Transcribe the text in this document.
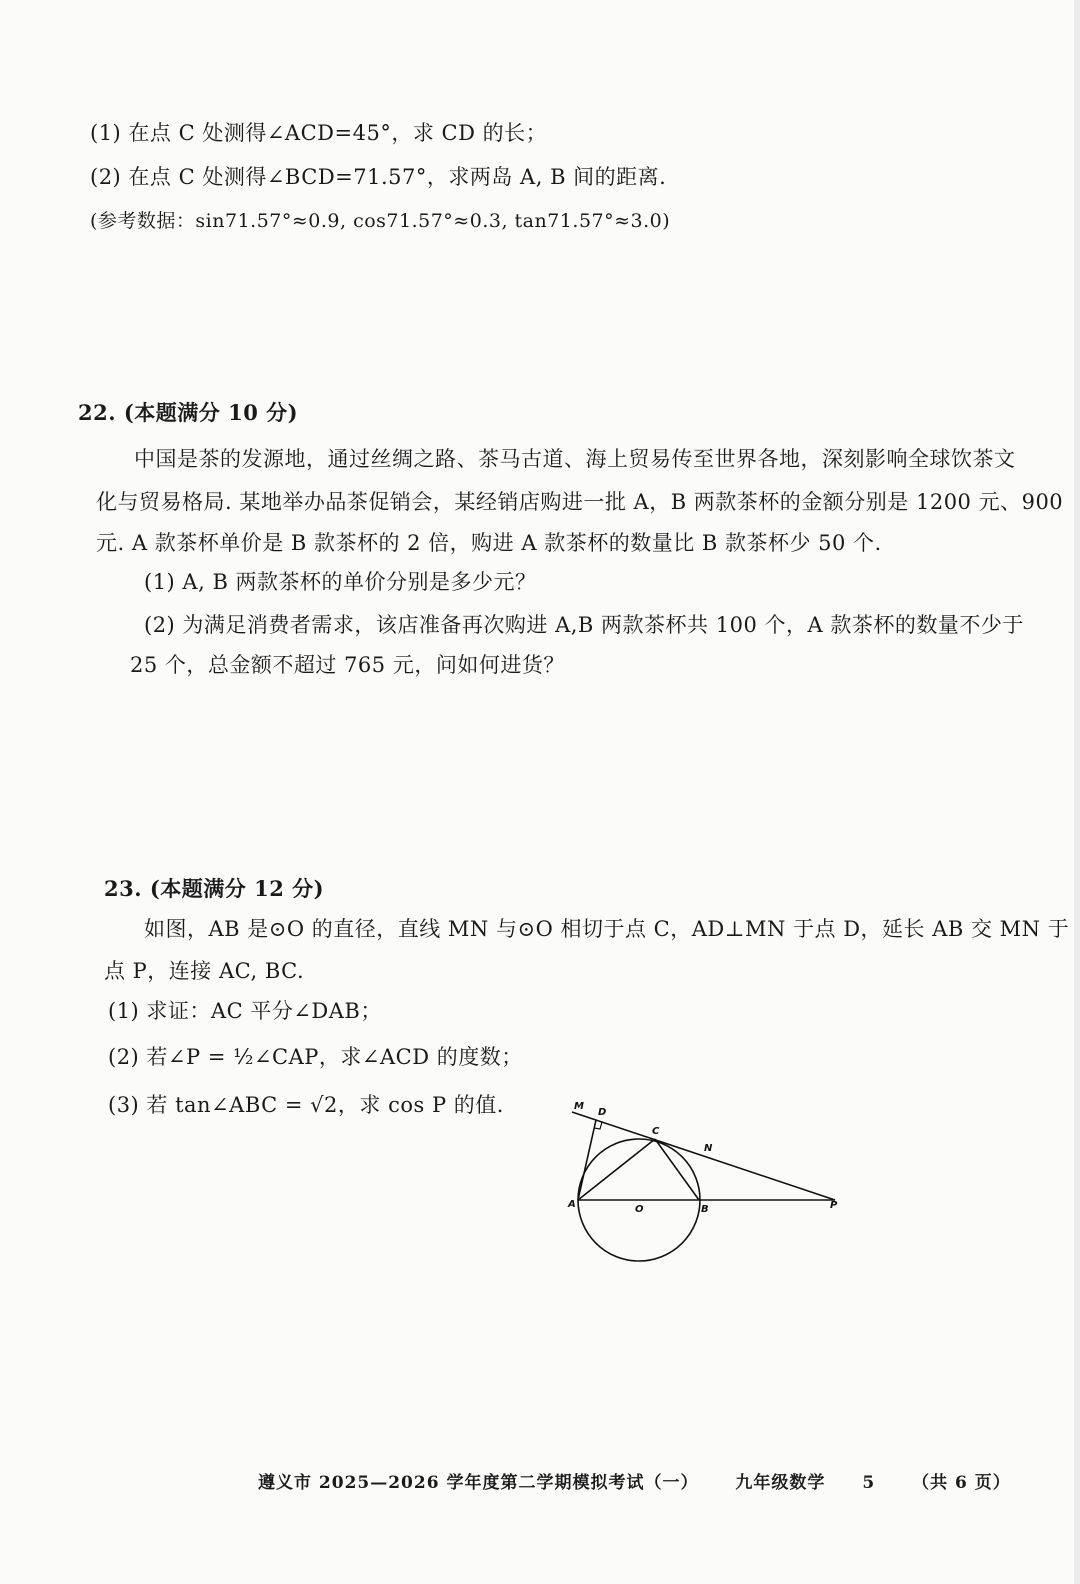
(1) 在点 C 处测得∠ACD=45°，求 CD 的长；
(2) 在点 C 处测得∠BCD=71.57°，求两岛 A, B 间的距离.
(参考数据：sin71.57°≈0.9, cos71.57°≈0.3, tan71.57°≈3.0)
22. (本题满分 10 分)
中国是茶的发源地，通过丝绸之路、茶马古道、海上贸易传至世界各地，深刻影响全球饮茶文
化与贸易格局. 某地举办品茶促销会，某经销店购进一批 A，B 两款茶杯的金额分别是 1200 元、900
元. A 款茶杯单价是 B 款茶杯的 2 倍，购进 A 款茶杯的数量比 B 款茶杯少 50 个.
(1) A, B 两款茶杯的单价分别是多少元？
(2) 为满足消费者需求，该店准备再次购进 A,B 两款茶杯共 100 个，A 款茶杯的数量不少于
25 个，总金额不超过 765 元，问如何进货？
23. (本题满分 12 分)
如图，AB 是⊙O 的直径，直线 MN 与⊙O 相切于点 C，AD⊥MN 于点 D，延长 AB 交 MN 于
点 P，连接 AC, BC.
(1) 求证：AC 平分∠DAB；
(2) 若∠P = ½∠CAP，求∠ACD 的度数；
(3) 若 tan∠ABC = √2，求 cos P 的值.	M
D
C
N
A	O	B	P
遵义市 2025—2026 学年度第二学期模拟考试（一） 九年级数学 5 （共 6 页）
